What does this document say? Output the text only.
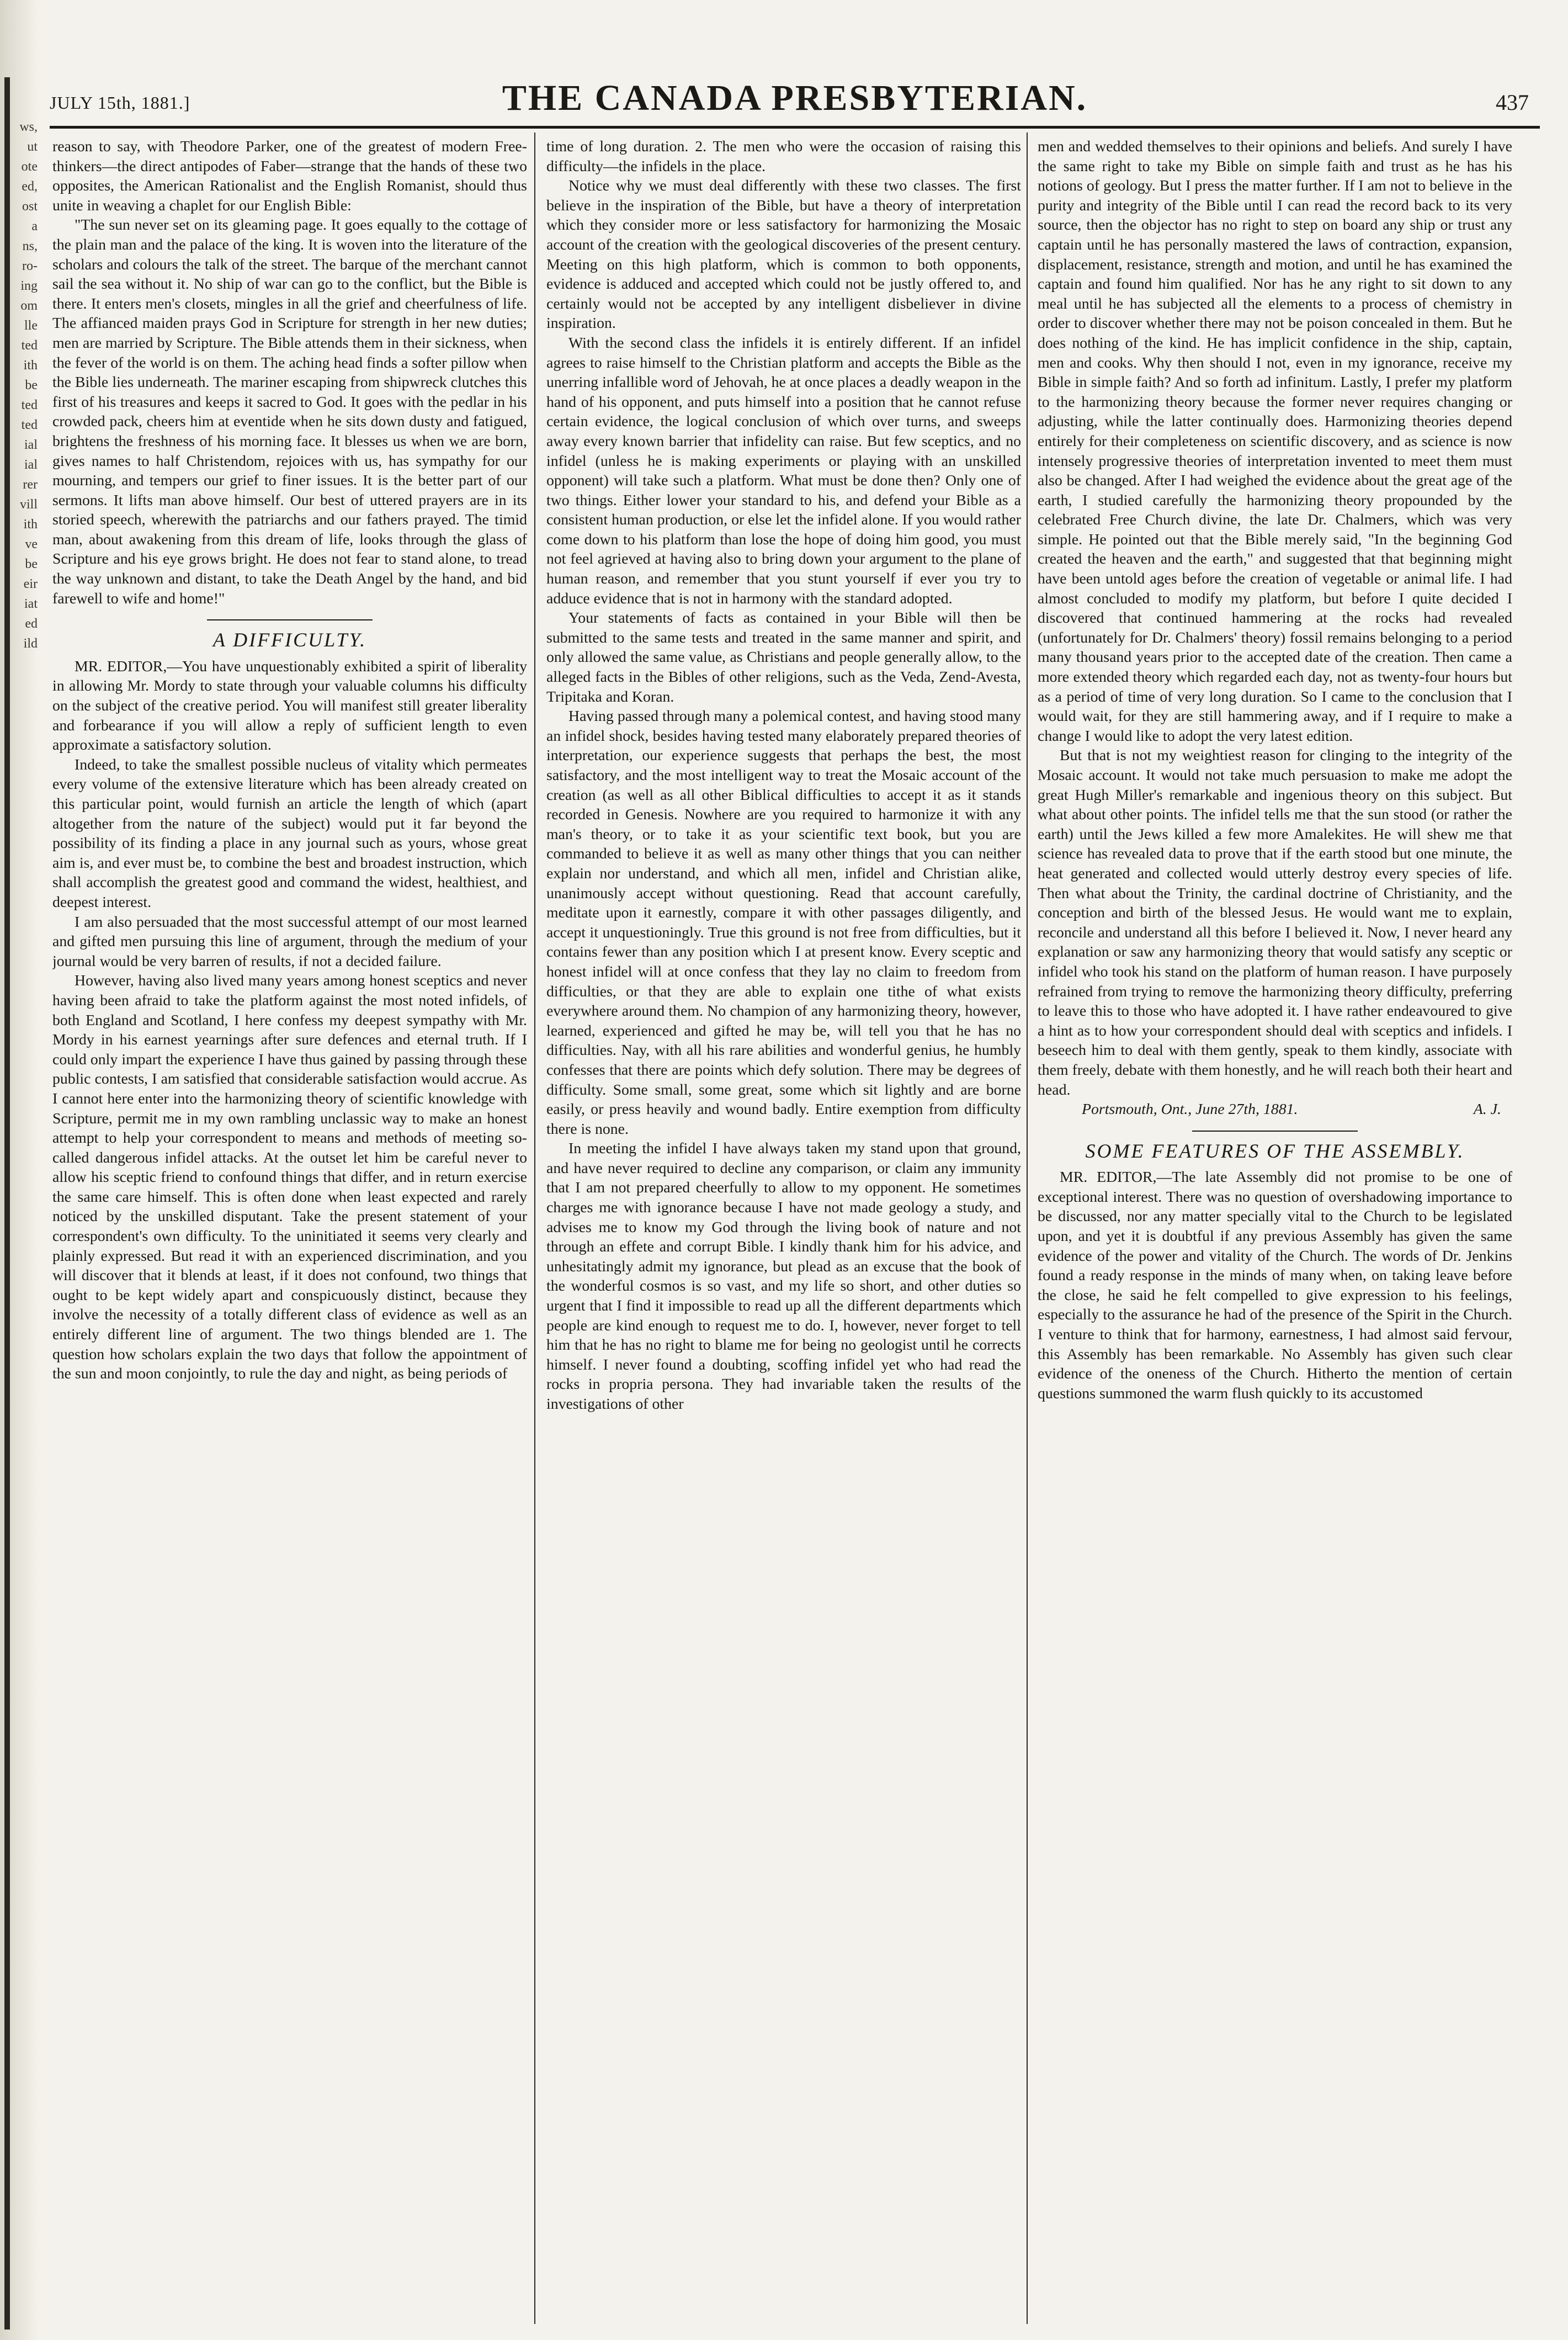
ws,
ut
ote
ed,
ost
a
ns,
ro-
ing
om
lle
ted
ith
be
ted
ted
ial
ial
rer
vill
ith
ve
be
eir
iat
ed
ild
JULY 15th, 1881.]	THE CANADA PRESBYTERIAN.	437

reason to say, with Theodore Parker, one of the greatest of modern Free-thinkers—the direct antipodes of Faber—strange that the hands of these two opposites, the American Rationalist and the English Romanist, should thus unite in weaving a chaplet for our English Bible:

"The sun never set on its gleaming page. It goes equally to the cottage of the plain man and the palace of the king. It is woven into the literature of the scholars and colours the talk of the street. The barque of the merchant cannot sail the sea without it. No ship of war can go to the conflict, but the Bible is there. It enters men's closets, mingles in all the grief and cheerfulness of life. The affianced maiden prays God in Scripture for strength in her new duties; men are married by Scripture. The Bible attends them in their sickness, when the fever of the world is on them. The aching head finds a softer pillow when the Bible lies underneath. The mariner escaping from shipwreck clutches this first of his treasures and keeps it sacred to God. It goes with the pedlar in his crowded pack, cheers him at eventide when he sits down dusty and fatigued, brightens the freshness of his morning face. It blesses us when we are born, gives names to half Christendom, rejoices with us, has sympathy for our mourning, and tempers our grief to finer issues. It is the better part of our sermons. It lifts man above himself. Our best of uttered prayers are in its storied speech, wherewith the patriarchs and our fathers prayed. The timid man, about awakening from this dream of life, looks through the glass of Scripture and his eye grows bright. He does not fear to stand alone, to tread the way unknown and distant, to take the Death Angel by the hand, and bid farewell to wife and home!"

A DIFFICULTY.

MR. EDITOR,—You have unquestionably exhibited a spirit of liberality in allowing Mr. Mordy to state through your valuable columns his difficulty on the subject of the creative period. You will manifest still greater liberality and forbearance if you will allow a reply of sufficient length to even approximate a satisfactory solution.

Indeed, to take the smallest possible nucleus of vitality which permeates every volume of the extensive literature which has been already created on this particular point, would furnish an article the length of which (apart altogether from the nature of the subject) would put it far beyond the possibility of its finding a place in any journal such as yours, whose great aim is, and ever must be, to combine the best and broadest instruction, which shall accomplish the greatest good and command the widest, healthiest, and deepest interest.

I am also persuaded that the most successful attempt of our most learned and gifted men pursuing this line of argument, through the medium of your journal would be very barren of results, if not a decided failure.

However, having also lived many years among honest sceptics and never having been afraid to take the platform against the most noted infidels, of both England and Scotland, I here confess my deepest sympathy with Mr. Mordy in his earnest yearnings after sure defences and eternal truth. If I could only impart the experience I have thus gained by passing through these public contests, I am satisfied that considerable satisfaction would accrue. As I cannot here enter into the harmonizing theory of scientific knowledge with Scripture, permit me in my own rambling unclassic way to make an honest attempt to help your correspondent to means and methods of meeting so-called dangerous infidel attacks. At the outset let him be careful never to allow his sceptic friend to confound things that differ, and in return exercise the same care himself. This is often done when least expected and rarely noticed by the unskilled disputant. Take the present statement of your correspondent's own difficulty. To the uninitiated it seems very clearly and plainly expressed. But read it with an experienced discrimination, and you will discover that it blends at least, if it does not confound, two things that ought to be kept widely apart and conspicuously distinct, because they involve the necessity of a totally different class of evidence as well as an entirely different line of argument. The two things blended are 1. The question how scholars explain the two days that follow the appointment of the sun and moon conjointly, to rule the day and night, as being periods of

time of long duration. 2. The men who were the occasion of raising this difficulty—the infidels in the place.

Notice why we must deal differently with these two classes. The first believe in the inspiration of the Bible, but have a theory of interpretation which they consider more or less satisfactory for harmonizing the Mosaic account of the creation with the geological discoveries of the present century. Meeting on this high platform, which is common to both opponents, evidence is adduced and accepted which could not be justly offered to, and certainly would not be accepted by any intelligent disbeliever in divine inspiration.

With the second class the infidels it is entirely different. If an infidel agrees to raise himself to the Christian platform and accepts the Bible as the unerring infallible word of Jehovah, he at once places a deadly weapon in the hand of his opponent, and puts himself into a position that he cannot refuse certain evidence, the logical conclusion of which over turns, and sweeps away every known barrier that infidelity can raise. But few sceptics, and no infidel (unless he is making experiments or playing with an unskilled opponent) will take such a platform. What must be done then? Only one of two things. Either lower your standard to his, and defend your Bible as a consistent human production, or else let the infidel alone. If you would rather come down to his platform than lose the hope of doing him good, you must not feel agrieved at having also to bring down your argument to the plane of human reason, and remember that you stunt yourself if ever you try to adduce evidence that is not in harmony with the standard adopted.

Your statements of facts as contained in your Bible will then be submitted to the same tests and treated in the same manner and spirit, and only allowed the same value, as Christians and people generally allow, to the alleged facts in the Bibles of other religions, such as the Veda, Zend-Avesta, Tripitaka and Koran.

Having passed through many a polemical contest, and having stood many an infidel shock, besides having tested many elaborately prepared theories of interpretation, our experience suggests that perhaps the best, the most satisfactory, and the most intelligent way to treat the Mosaic account of the creation (as well as all other Biblical difficulties to accept it as it stands recorded in Genesis. Nowhere are you required to harmonize it with any man's theory, or to take it as your scientific text book, but you are commanded to believe it as well as many other things that you can neither explain nor understand, and which all men, infidel and Christian alike, unanimously accept without questioning. Read that account carefully, meditate upon it earnestly, compare it with other passages diligently, and accept it unquestioningly. True this ground is not free from difficulties, but it contains fewer than any position which I at present know. Every sceptic and honest infidel will at once confess that they lay no claim to freedom from difficulties, or that they are able to explain one tithe of what exists everywhere around them. No champion of any harmonizing theory, however, learned, experienced and gifted he may be, will tell you that he has no difficulties. Nay, with all his rare abilities and wonderful genius, he humbly confesses that there are points which defy solution. There may be degrees of difficulty. Some small, some great, some which sit lightly and are borne easily, or press heavily and wound badly. Entire exemption from difficulty there is none.

In meeting the infidel I have always taken my stand upon that ground, and have never required to decline any comparison, or claim any immunity that I am not prepared cheerfully to allow to my opponent. He sometimes charges me with ignorance because I have not made geology a study, and advises me to know my God through the living book of nature and not through an effete and corrupt Bible. I kindly thank him for his advice, and unhesitatingly admit my ignorance, but plead as an excuse that the book of the wonderful cosmos is so vast, and my life so short, and other duties so urgent that I find it impossible to read up all the different departments which people are kind enough to request me to do. I, however, never forget to tell him that he has no right to blame me for being no geologist until he corrects himself. I never found a doubting, scoffing infidel yet who had read the rocks in propria persona. They had invariable taken the results of the investigations of other

men and wedded themselves to their opinions and beliefs. And surely I have the same right to take my Bible on simple faith and trust as he has his notions of geology. But I press the matter further. If I am not to believe in the purity and integrity of the Bible until I can read the record back to its very source, then the objector has no right to step on board any ship or trust any captain until he has personally mastered the laws of contraction, expansion, displacement, resistance, strength and motion, and until he has examined the captain and found him qualified. Nor has he any right to sit down to any meal until he has subjected all the elements to a process of chemistry in order to discover whether there may not be poison concealed in them. But he does nothing of the kind. He has implicit confidence in the ship, captain, men and cooks. Why then should I not, even in my ignorance, receive my Bible in simple faith? And so forth ad infinitum. Lastly, I prefer my platform to the harmonizing theory because the former never requires changing or adjusting, while the latter continually does. Harmonizing theories depend entirely for their completeness on scientific discovery, and as science is now intensely progressive theories of interpretation invented to meet them must also be changed. After I had weighed the evidence about the great age of the earth, I studied carefully the harmonizing theory propounded by the celebrated Free Church divine, the late Dr. Chalmers, which was very simple. He pointed out that the Bible merely said, "In the beginning God created the heaven and the earth," and suggested that that beginning might have been untold ages before the creation of vegetable or animal life. I had almost concluded to modify my platform, but before I quite decided I discovered that continued hammering at the rocks had revealed (unfortunately for Dr. Chalmers' theory) fossil remains belonging to a period many thousand years prior to the accepted date of the creation. Then came a more extended theory which regarded each day, not as twenty-four hours but as a period of time of very long duration. So I came to the conclusion that I would wait, for they are still hammering away, and if I require to make a change I would like to adopt the very latest edition.

But that is not my weightiest reason for clinging to the integrity of the Mosaic account. It would not take much persuasion to make me adopt the great Hugh Miller's remarkable and ingenious theory on this subject. But what about other points. The infidel tells me that the sun stood (or rather the earth) until the Jews killed a few more Amalekites. He will shew me that science has revealed data to prove that if the earth stood but one minute, the heat generated and collected would utterly destroy every species of life. Then what about the Trinity, the cardinal doctrine of Christianity, and the conception and birth of the blessed Jesus. He would want me to explain, reconcile and understand all this before I believed it. Now, I never heard any explanation or saw any harmonizing theory that would satisfy any sceptic or infidel who took his stand on the platform of human reason. I have purposely refrained from trying to remove the harmonizing theory difficulty, preferring to leave this to those who have adopted it. I have rather endeavoured to give a hint as to how your correspondent should deal with sceptics and infidels. I beseech him to deal with them gently, speak to them kindly, associate with them freely, debate with them honestly, and he will reach both their heart and head.

Portsmouth, Ont., June 27th, 1881.	A. J.

SOME FEATURES OF THE ASSEMBLY.

MR. EDITOR,—The late Assembly did not promise to be one of exceptional interest. There was no question of overshadowing importance to be discussed, nor any matter specially vital to the Church to be legislated upon, and yet it is doubtful if any previous Assembly has given the same evidence of the power and vitality of the Church. The words of Dr. Jenkins found a ready response in the minds of many when, on taking leave before the close, he said he felt compelled to give expression to his feelings, especially to the assurance he had of the presence of the Spirit in the Church. I venture to think that for harmony, earnestness, I had almost said fervour, this Assembly has been remarkable. No Assembly has given such clear evidence of the oneness of the Church. Hitherto the mention of certain questions summoned the warm flush quickly to its accustomed
